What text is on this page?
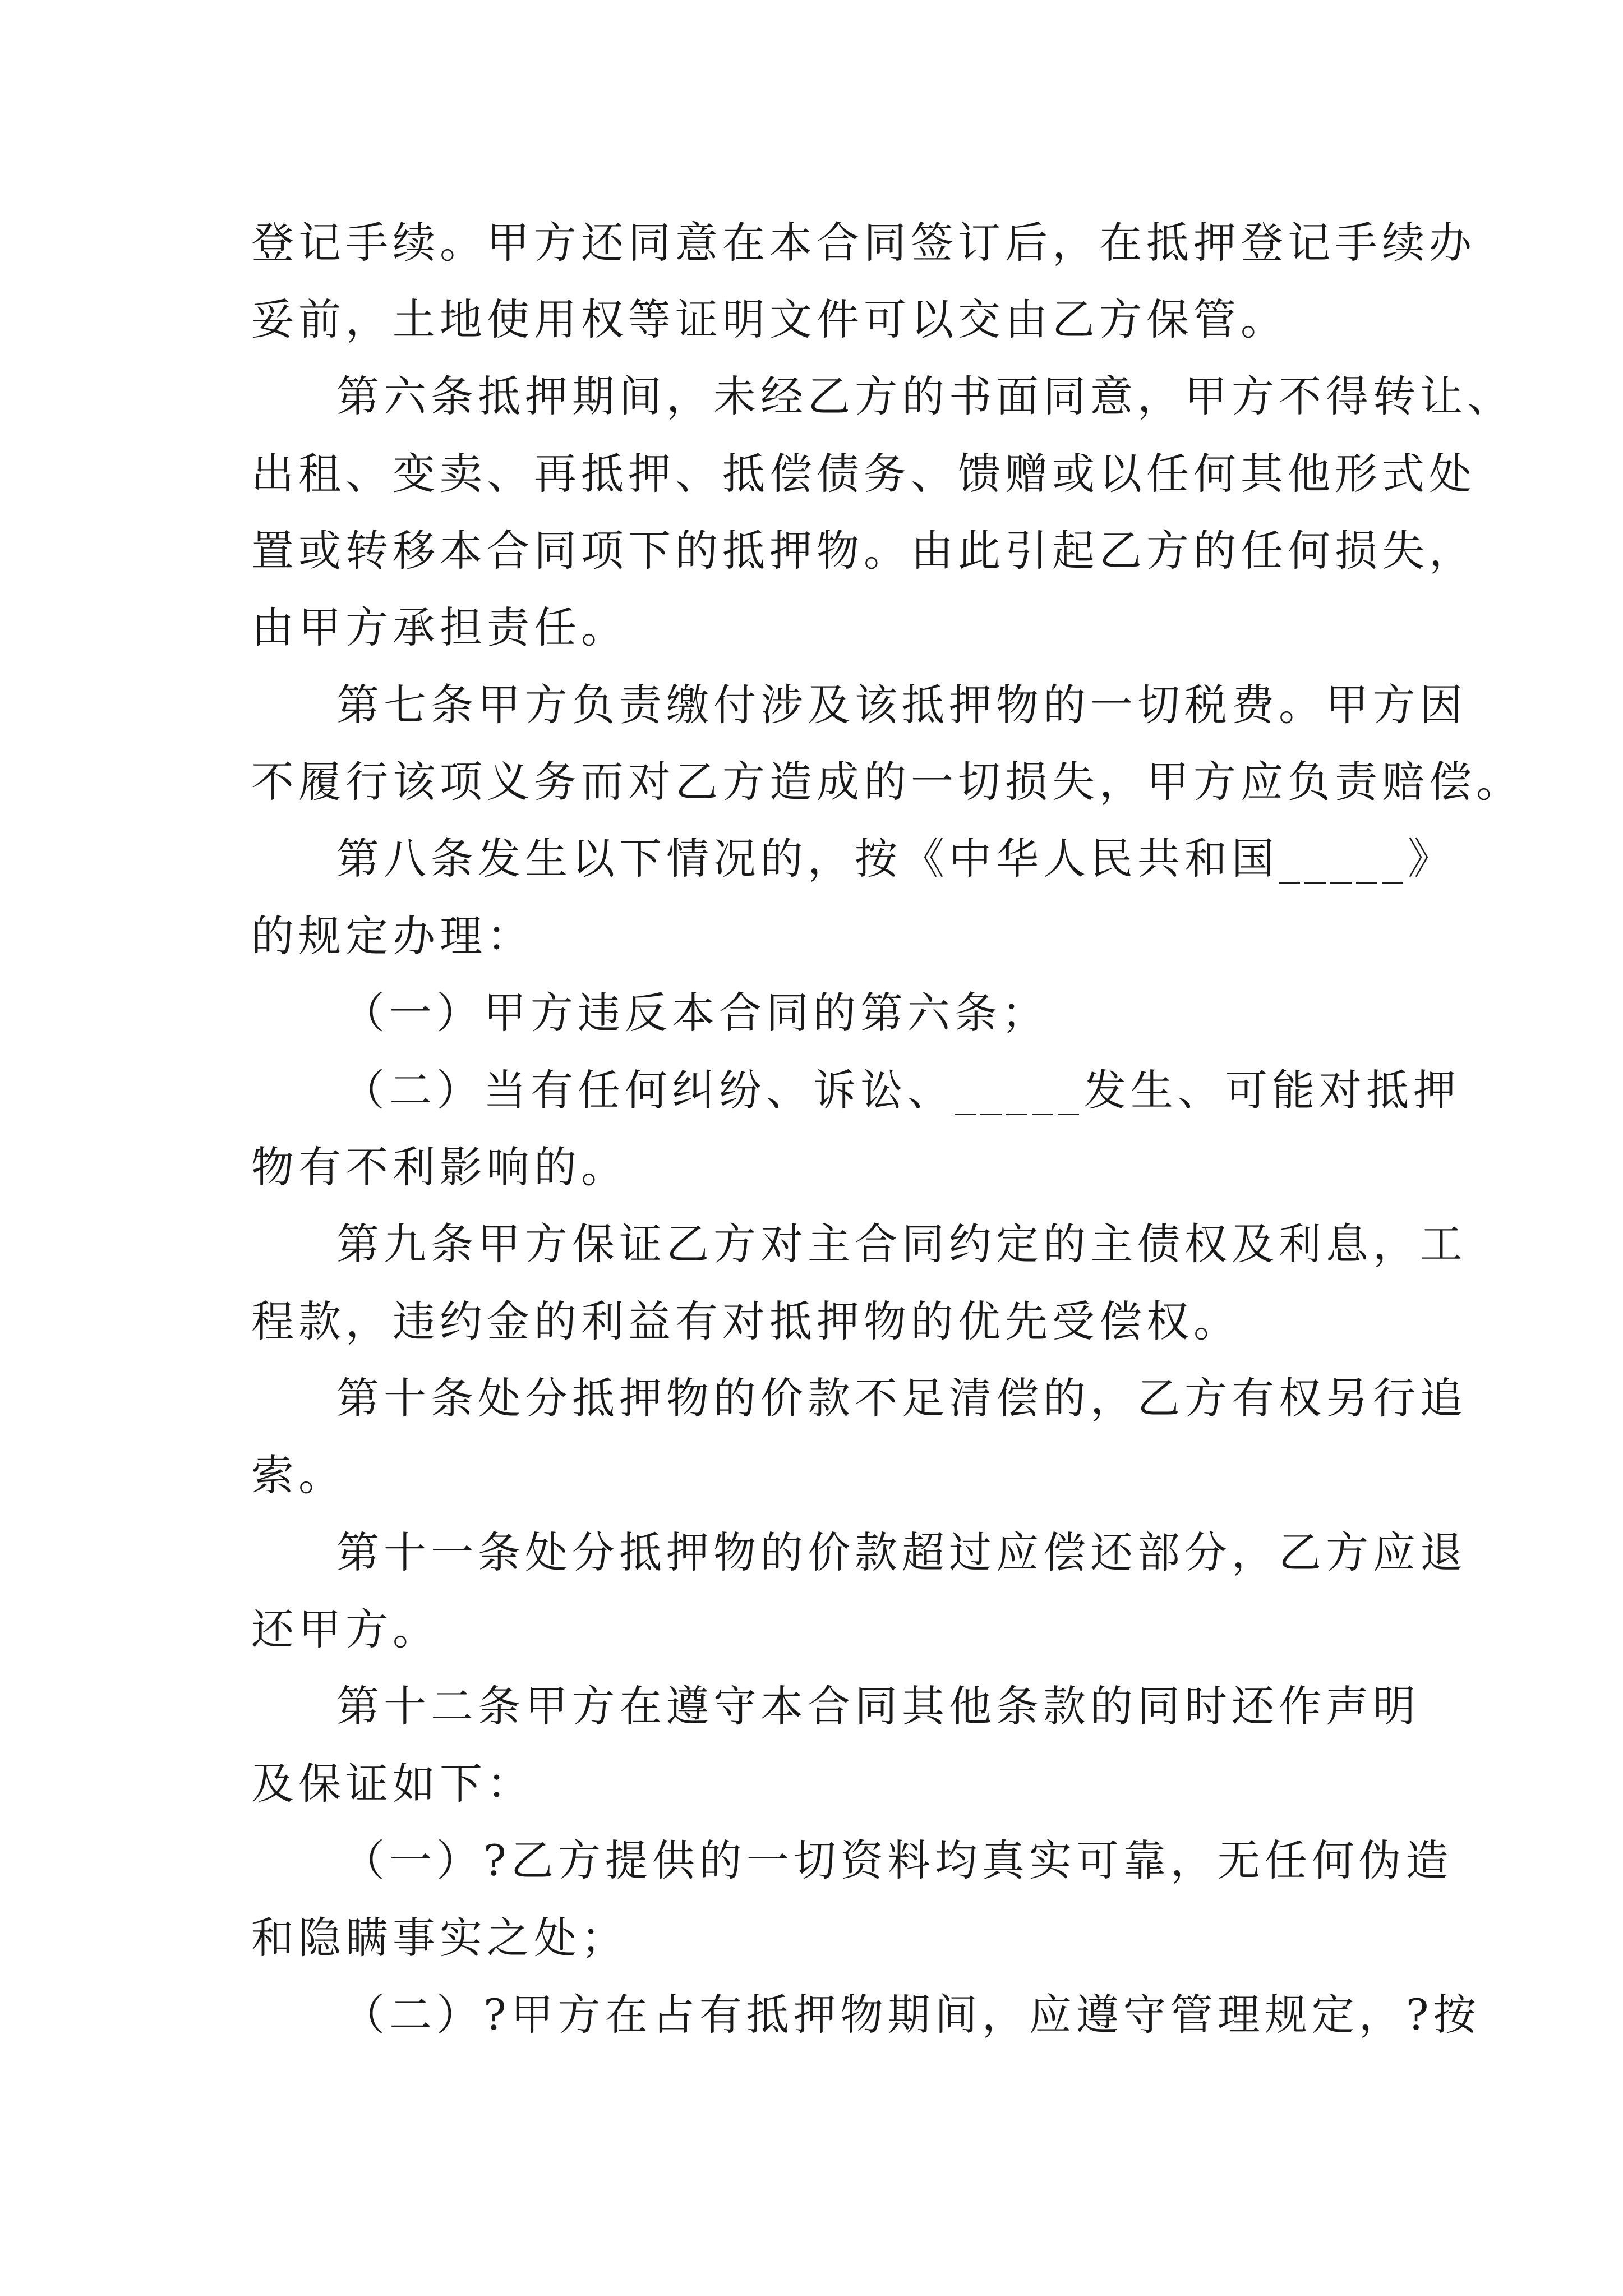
登记手续。甲方还同意在本合同签订后，在抵押登记手续办
妥前，土地使用权等证明文件可以交由乙方保管。
第六条抵押期间，未经乙方的书面同意，甲方不得转让、
出租、变卖、再抵押、抵偿债务、馈赠或以任何其他形式处
置或转移本合同项下的抵押物。由此引起乙方的任何损失，
由甲方承担责任。
第七条甲方负责缴付涉及该抵押物的一切税费。甲方因
不履行该项义务而对乙方造成的一切损失，甲方应负责赔偿。
第八条发生以下情况的，按《中华人民共和国_____》
的规定办理：
（一）甲方违反本合同的第六条；
（二）当有任何纠纷、诉讼、_____发生、可能对抵押
物有不利影响的。
第九条甲方保证乙方对主合同约定的主债权及利息，工
程款，违约金的利益有对抵押物的优先受偿权。
第十条处分抵押物的价款不足清偿的，乙方有权另行追
索。
第十一条处分抵押物的价款超过应偿还部分，乙方应退
还甲方。
第十二条甲方在遵守本合同其他条款的同时还作声明
及保证如下：
（一）?乙方提供的一切资料均真实可靠，无任何伪造
和隐瞒事实之处；
（二）?甲方在占有抵押物期间，应遵守管理规定，?按
